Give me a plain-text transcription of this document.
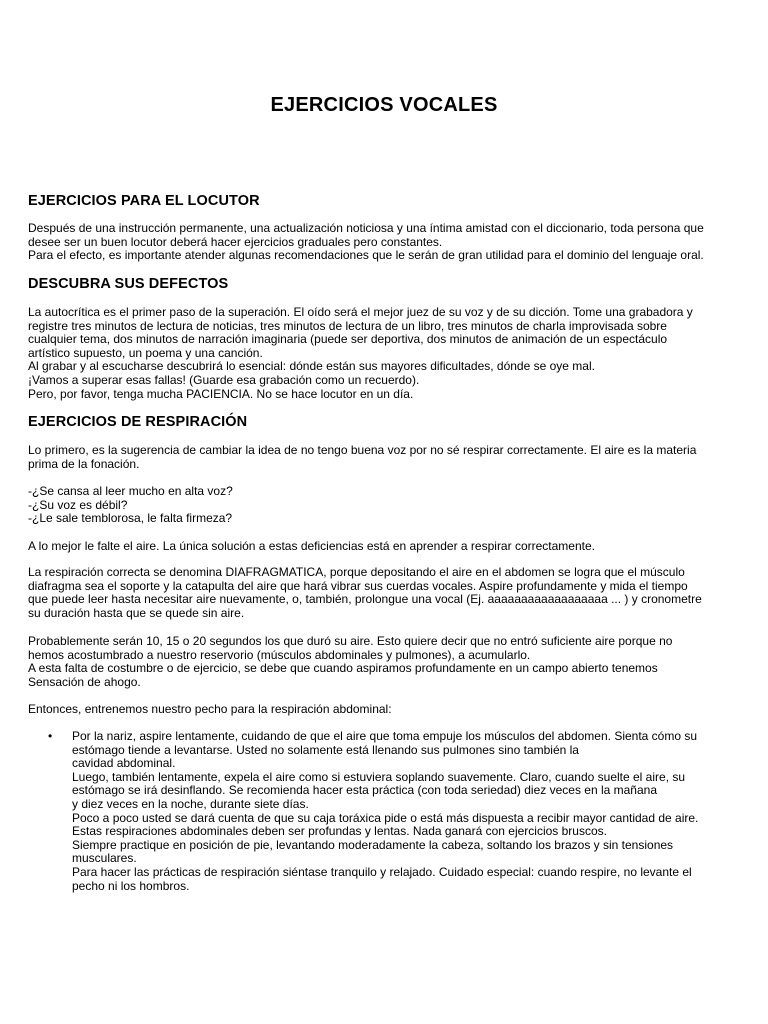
EJERCICIOS VOCALES
EJERCICIOS PARA EL LOCUTOR
Después de una instrucción permanente, una actualización noticiosa y una íntima amistad con el diccionario, toda persona que
desee ser un buen locutor deberá hacer ejercicios graduales pero constantes.
Para el efecto, es importante atender algunas recomendaciones que le serán de gran utilidad para el dominio del lenguaje oral.
DESCUBRA SUS DEFECTOS
La autocrítica es el primer paso de la superación. El oído será el mejor juez de su voz y de su dicción. Tome una grabadora y
registre tres minutos de lectura de noticias, tres minutos de lectura de un libro, tres minutos de charla improvisada sobre
cualquier tema, dos minutos de narración imaginaria (puede ser deportiva, dos minutos de animación de un espectáculo
artístico supuesto, un poema y una canción.
Al grabar y al escucharse descubrirá lo esencial: dónde están sus mayores dificultades, dónde se oye mal.
¡Vamos a superar esas fallas! (Guarde esa grabación como un recuerdo).
Pero, por favor, tenga mucha PACIENCIA. No se hace locutor en un día.
EJERCICIOS DE RESPIRACIÓN
Lo primero, es la sugerencia de cambiar la idea de no tengo buena voz por no sé respirar correctamente. El aire es la materia
prima de la fonación.
-¿Se cansa al leer mucho en alta voz?
-¿Su voz es débil?
-¿Le sale temblorosa, le falta firmeza?
A lo mejor le falte el aire. La única solución a estas deficiencias está en aprender a respirar correctamente.
La respiración correcta se denomina DIAFRAGMATICA, porque depositando el aire en el abdomen se logra que el músculo
diafragma sea el soporte y la catapulta del aire que hará vibrar sus cuerdas vocales. Aspire profundamente y mida el tiempo
que puede leer hasta necesitar aire nuevamente, o, también, prolongue una vocal (Ej. aaaaaaaaaaaaaaaaaa ... ) y cronometre
su duración hasta que se quede sin aire.
Probablemente serán 10, 15 o 20 segundos los que duró su aire. Esto quiere decir que no entró suficiente aire porque no
hemos acostumbrado a nuestro reservorio (músculos abdominales y pulmones), a acumularlo.
A esta falta de costumbre o de ejercicio, se debe que cuando aspiramos profundamente en un campo abierto tenemos
Sensación de ahogo.
Entonces, entrenemos nuestro pecho para la respiración abdominal:
• Por la nariz, aspire lentamente, cuidando de que el aire que toma empuje los músculos del abdomen. Sienta cómo su
estómago tiende a levantarse. Usted no solamente está llenando sus pulmones sino también la
cavidad abdominal.
Luego, también lentamente, expela el aire como si estuviera soplando suavemente. Claro, cuando suelte el aire, su
estómago se irá desinflando. Se recomienda hacer esta práctica (con toda seriedad) diez veces en la mañana
y diez veces en la noche, durante siete días.
Poco a poco usted se dará cuenta de que su caja toráxica pide o está más dispuesta a recibir mayor cantidad de aire.
Estas respiraciones abdominales deben ser profundas y lentas. Nada ganará con ejercicios bruscos.
Siempre practique en posición de pie, levantando moderadamente la cabeza, soltando los brazos y sin tensiones
musculares.
Para hacer las prácticas de respiración siéntase tranquilo y relajado. Cuidado especial: cuando respire, no levante el
pecho ni los hombros.
